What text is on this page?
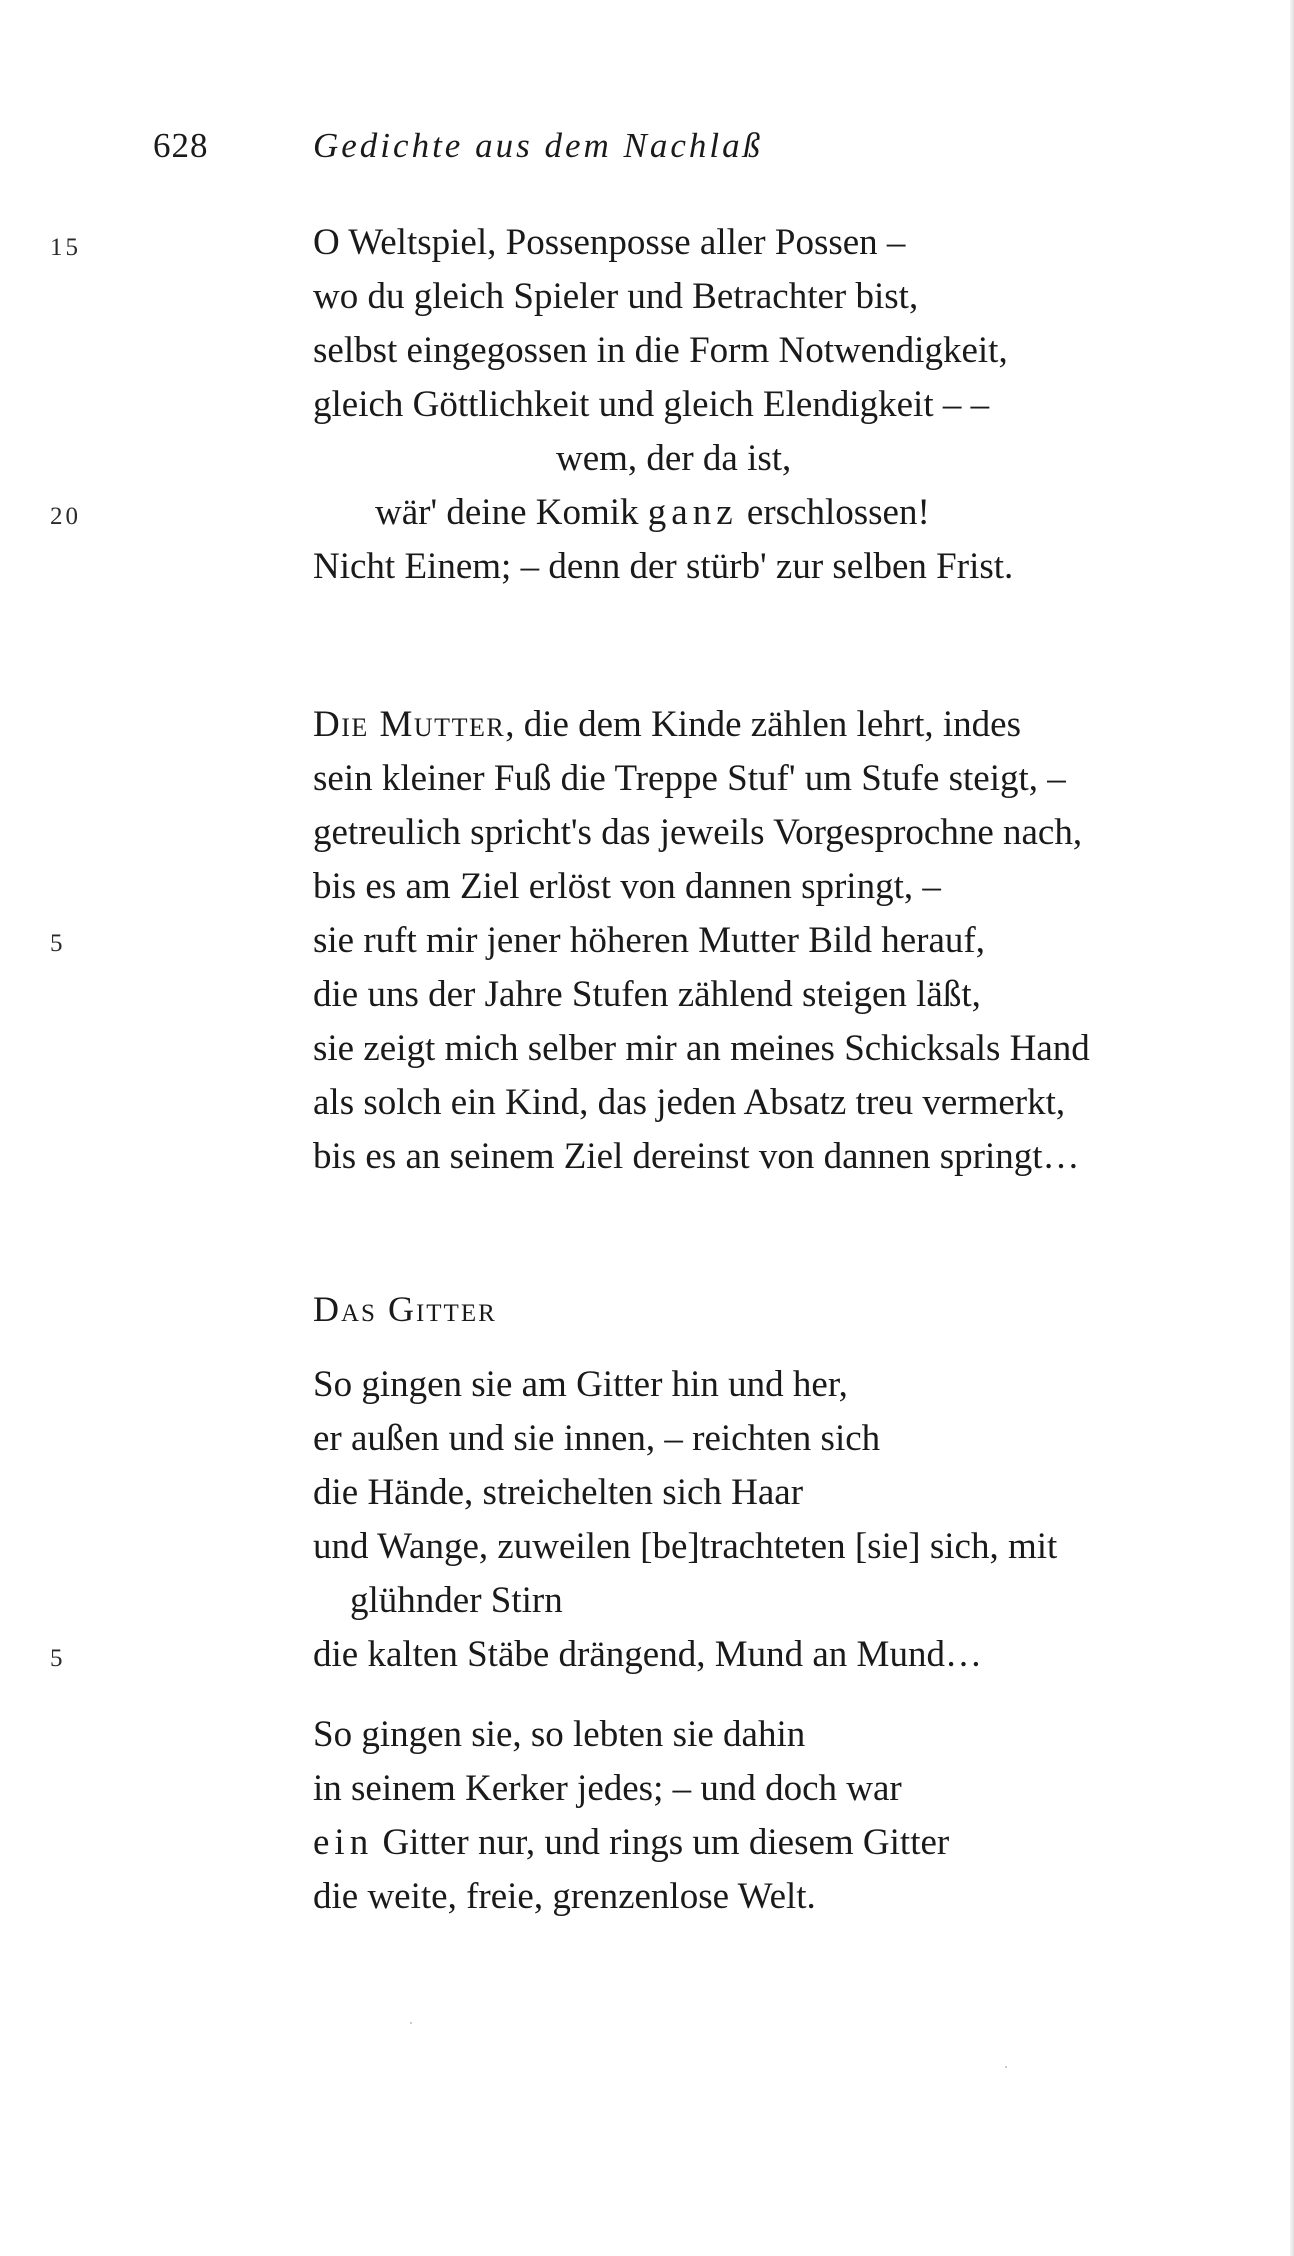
628	Gedichte aus dem Nachlaß
15	O Weltspiel, Possenposse aller Possen –
wo du gleich Spieler und Betrachter bist,
selbst eingegossen in die Form Notwendigkeit,
gleich Göttlichkeit und gleich Elendigkeit – –
wem, der da ist,
20	wär' deine Komik ganz erschlossen!
Nicht Einem; – denn der stürb' zur selben Frist.
Die Mutter, die dem Kinde zählen lehrt, indes
sein kleiner Fuß die Treppe Stuf' um Stufe steigt, –
getreulich spricht's das jeweils Vorgesprochne nach,
bis es am Ziel erlöst von dannen springt, –
5	sie ruft mir jener höheren Mutter Bild herauf,
die uns der Jahre Stufen zählend steigen läßt,
sie zeigt mich selber mir an meines Schicksals Hand
als solch ein Kind, das jeden Absatz treu vermerkt,
bis es an seinem Ziel dereinst von dannen springt…
Das Gitter
So gingen sie am Gitter hin und her,
er außen und sie innen, – reichten sich
die Hände, streichelten sich Haar
und Wange, zuweilen [be]trachteten [sie] sich, mit
glühnder Stirn
5	die kalten Stäbe drängend, Mund an Mund…
So gingen sie, so lebten sie dahin
in seinem Kerker jedes; – und doch war
ein Gitter nur, und rings um diesem Gitter
die weite, freie, grenzenlose Welt.
